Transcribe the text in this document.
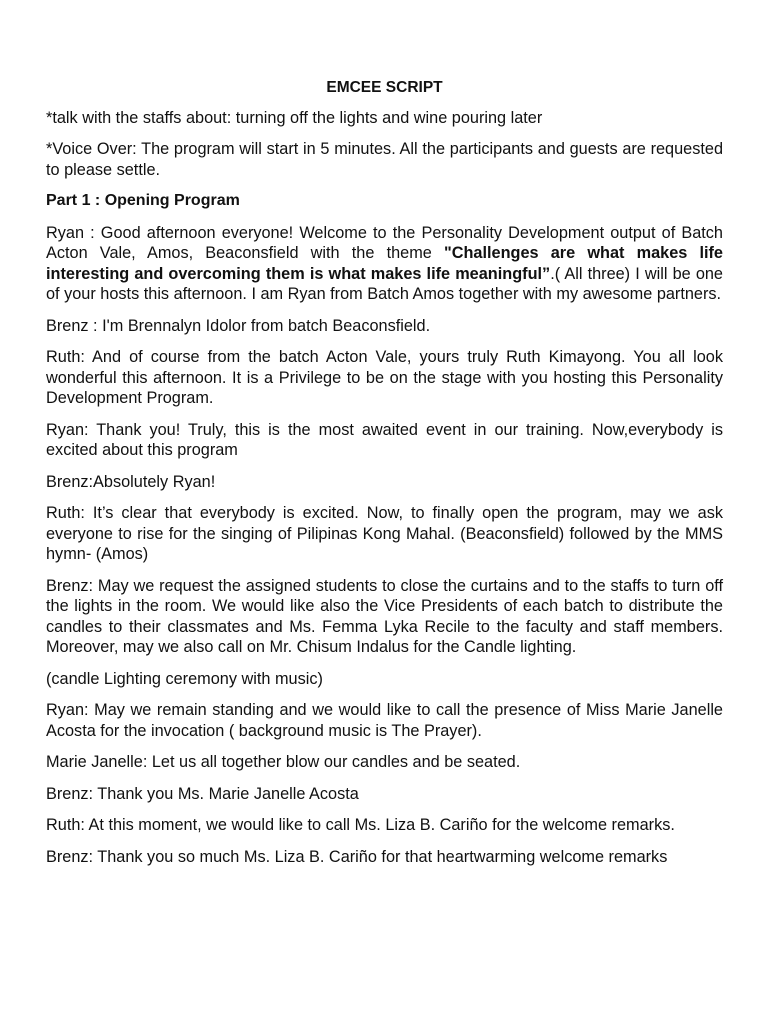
EMCEE SCRIPT
*talk with the staffs about: turning off the lights and wine pouring later
*Voice Over: The program will start in 5 minutes. All the participants and guests are requested to please settle.
Part 1 : Opening Program
Ryan : Good afternoon everyone! Welcome to the Personality Development output of Batch Acton Vale, Amos, Beaconsfield with the theme "Challenges are what makes life interesting and overcoming them is what makes life meaningful”.( All three) I will be one of your hosts this afternoon. I am Ryan from Batch Amos together with my awesome partners.
Brenz : I'm Brennalyn Idolor from batch Beaconsfield.
Ruth: And of course from the batch Acton Vale, yours truly Ruth Kimayong. You all look wonderful this afternoon. It is a Privilege to be on the stage with you hosting this Personality Development Program.
Ryan: Thank you! Truly, this is the most awaited event in our training. Now,everybody is excited about this program
Brenz:Absolutely Ryan!
Ruth: It’s clear that everybody is excited. Now, to finally open the program, may we ask everyone to rise for the singing of Pilipinas Kong Mahal. (Beaconsfield) followed by the MMS hymn- (Amos)
Brenz: May we request the assigned students to close the curtains and to the staffs to turn off the lights in the room. We would like also the Vice Presidents of each batch to distribute the candles to their classmates and Ms. Femma Lyka Recile to the faculty and staff members. Moreover, may we also call on Mr. Chisum Indalus for the Candle lighting.
(candle Lighting ceremony with music)
Ryan: May we remain standing and we would like to call the presence of Miss Marie Janelle Acosta for the invocation ( background music is The Prayer).
Marie Janelle: Let us all together blow our candles and be seated.
Brenz: Thank you Ms. Marie Janelle Acosta
Ruth: At this moment, we would like to call Ms. Liza B. Cariño for the welcome remarks.
Brenz: Thank you so much Ms. Liza B. Cariño for that heartwarming welcome remarks
